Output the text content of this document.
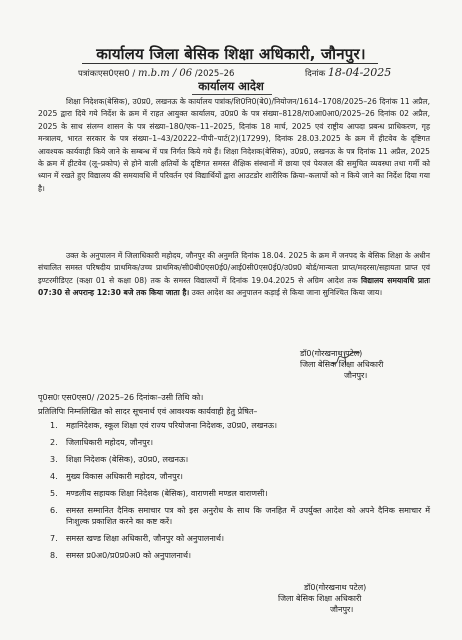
कार्यालय जिला बेसिक शिक्षा अधिकारी, जौनपुर।
पत्रांकःएस0एस0 / m.b.m / 06 /2025–26	दिनांक 18-04-2025
कार्यालय आदेश
शिक्षा निदेशक(बेसिक), उ0प्र0, लखनऊ के कार्यालय पत्रांक/शि0नि0(बे0)/नियोजन/1614–1708/2025–26 दिनांक 11 अप्रैल, 2025 द्वारा दिये गये निर्देश के क्रम में राहत आयुक्त कार्यालय, उ0प्र0 के पत्र संख्या–8128/रा0आ0आ0/2025–26 दिनांक 02 अप्रैल, 2025 के साथ संलग्न शासन के पत्र संख्या–180/एक–11–2025, दिनांक 18 मार्च, 2025 एवं राष्ट्रीय आपदा प्रबन्ध प्राधिकरण, गृह मन्त्रालय, भारत सरकार के पत्र संख्या–1–43/20222–पीपी–पार्ट(2)(17299), दिनांक 28.03.2025 के क्रम में हीटवेव के दृष्टिगत आवश्यक कार्यवाही किये जाने के सम्बन्ध में पत्र निर्गत किये गये हैं। शिक्षा निदेशक(बेसिक), उ0प्र0, लखनऊ के पत्र दिनांक 11 अप्रैल, 2025 के क्रम में हीटवेव (लू–प्रकोप) से होने वाली क्षतियों के दृष्टिगत समस्त शैक्षिक संस्थानों में छाया एवं पेयजल की समुचित व्यवस्था तथा गर्मी को ध्यान में रखते हुए विद्यालय की समयावधि में परिवर्तन एवं विद्यार्थियों द्वारा आउटडोर शारीरिक क्रिया–कलापों को न किये जाने का निर्देश दिया गया है।
उक्त के अनुपालन में जिलाधिकारी महोदय, जौनपुर की अनुमति दिनांक 18.04. 2025 के क्रम में जनपद के बेसिक शिक्षा के अधीन संचालित समस्त परिषदीय प्राथमिक/उच्च प्राथमिक/सी0बी0एस0ई0/आई0सी0एस0ई0/उ0प्र0 बोर्ड/मान्यता प्राप्त/मदरसा/सहायता प्राप्त एवं इण्टरमीडिएट (कक्षा 01 से कक्षा 08) तक के समस्त विद्यालयों में दिनांक 19.04.2025 से अग्रिम आदेश तक विद्यालय समयावधि प्रातः 07:30 से अपरान्ह 12:30 बजे तक किया जाता है। उक्त आदेश का अनुपालन कड़ाई से किया जाना सुनिश्चित किया जाय।
डॉ0(गोरखनाथ पटेल)
जिला बेसिक शिक्षा अधिकारी
जौनपुर।
पृ0स0ः एस0एस0/ /2025–26 दिनांकः–उसी तिथि को।
प्रतिलिपिः निम्नलिखित को सादर सूचनार्थ एवं आवश्यक कार्यवाही हेतु प्रेषित–
1.	महानिदेशक, स्कूल शिक्षा एवं राज्य परियोजना निदेशक, उ0प्र0, लखनऊ।
2.	जिलाधिकारी महोदय, जौनपुर।
3.	शिक्षा निदेशक (बेसिक), उ0प्र0, लखनऊ।
4.	मुख्य विकास अधिकारी महोदय, जौनपुर।
5.	मण्डलीय सहायक शिक्षा निदेशक (बेसिक), वाराणसी मण्डल वाराणसी।
6.	समस्त सम्मानित दैनिक समाचार पत्र को इस अनुरोध के साथ कि जनहित में उपर्युक्त आदेश को अपने दैनिक समाचार में निःशुल्क प्रकाशित करने का कष्ट करें।
7.	समस्त खण्ड शिक्षा अधिकारी, जौनपुर को अनुपालनार्थ।
8.	समस्त प्र0अ0/प्र0प्र0अ0 को अनुपालनार्थ।
डॉ0(गोरखनाथ पटेल)
जिला बेसिक शिक्षा अधिकारी
जौनपुर।
